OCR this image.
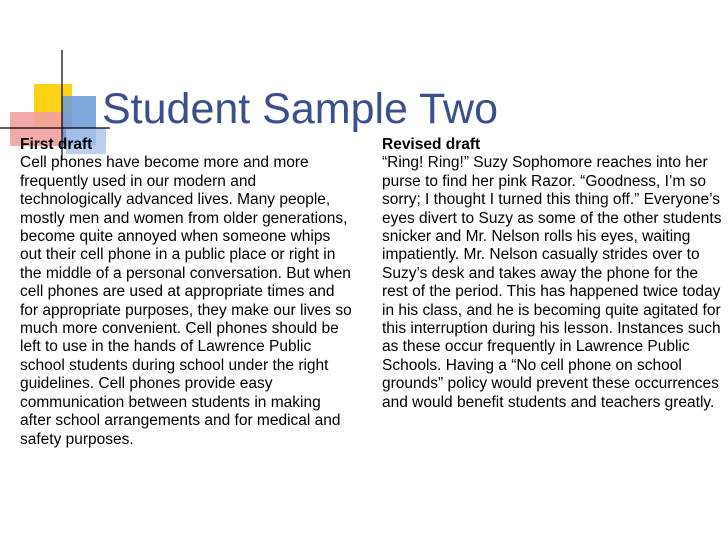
Student Sample Two

First draft

Cell phones have become more and more frequently used in our modern and technologically advanced lives. Many people, mostly men and women from older generations, become quite annoyed when someone whips out their cell phone in a public place or right in the middle of a personal conversation. But when cell phones are used at appropriate times and for appropriate purposes, they make our lives so much more convenient. Cell phones should be left to use in the hands of Lawrence Public school students during school under the right guidelines. Cell phones provide easy communication between students in making after school arrangements and for medical and safety purposes.

Revised draft

“Ring! Ring!” Suzy Sophomore reaches into her purse to find her pink Razor. “Goodness, I’m so sorry; I thought I turned this thing off.” Everyone’s eyes divert to Suzy as some of the other students snicker and Mr. Nelson rolls his eyes, waiting impatiently. Mr. Nelson casually strides over to Suzy’s desk and takes away the phone for the rest of the period. This has happened twice today in his class, and he is becoming quite agitated for this interruption during his lesson. Instances such as these occur frequently in Lawrence Public Schools. Having a “No cell phone on school grounds” policy would prevent these occurrences and would benefit students and teachers greatly.
